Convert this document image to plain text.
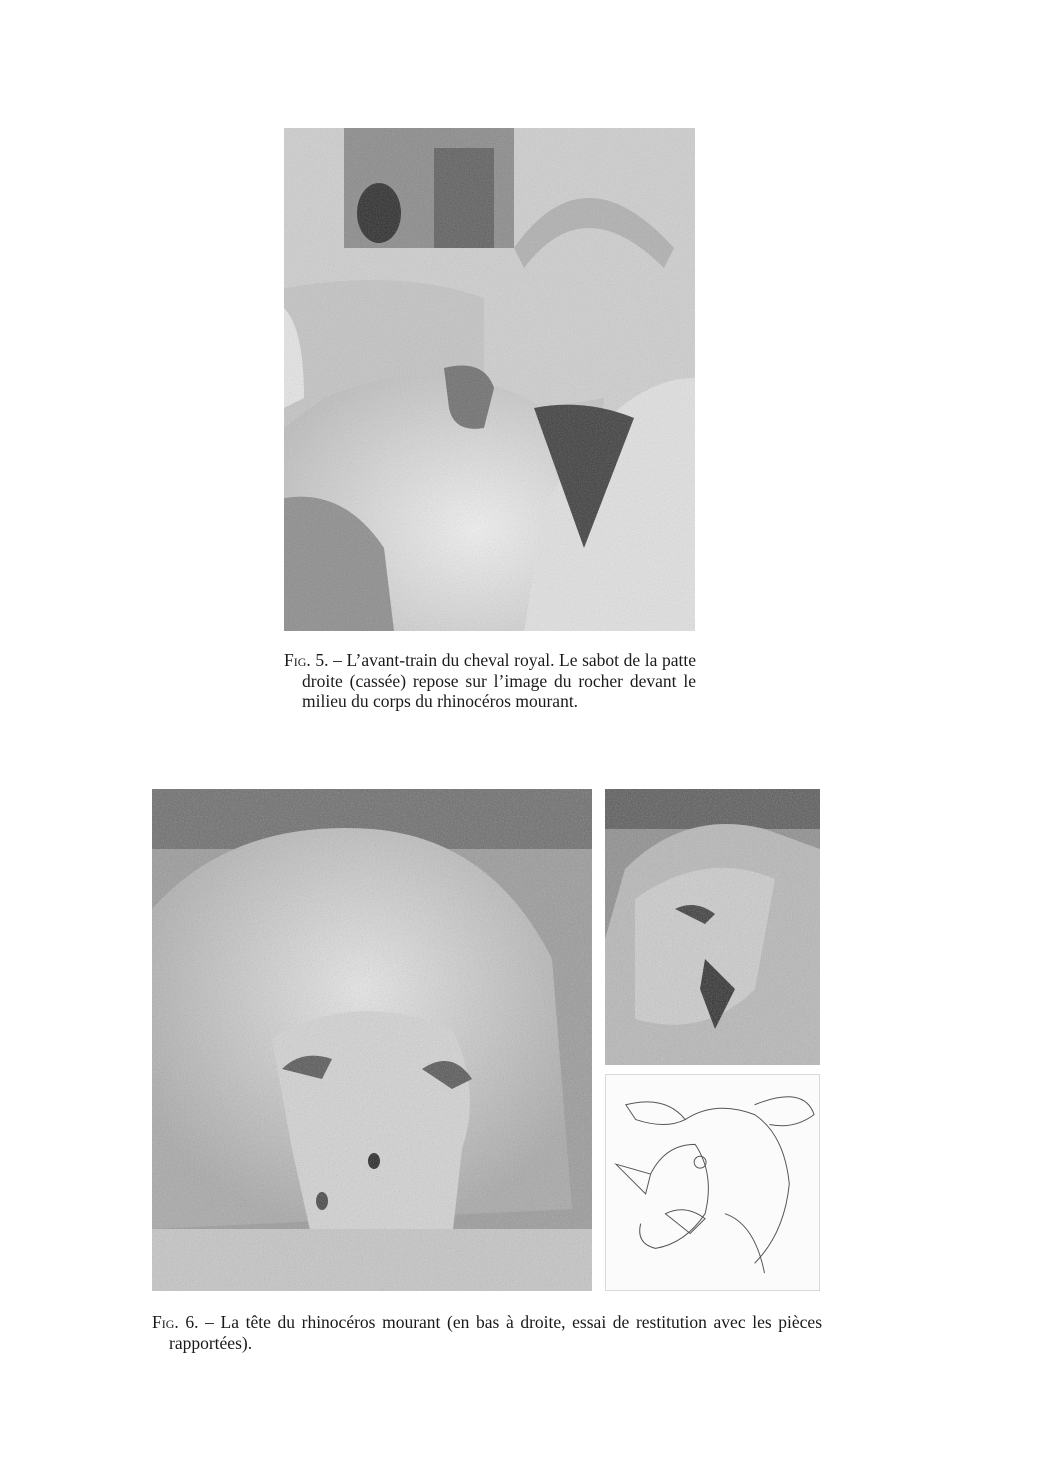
Fig. 5. – L’avant-train du cheval royal. Le sabot de la patte droite (cassée) repose sur l’image du rocher devant le milieu du corps du rhinocéros mourant.

Fig. 6. – La tête du rhinocéros mourant (en bas à droite, essai de restitution avec les pièces rapportées).
